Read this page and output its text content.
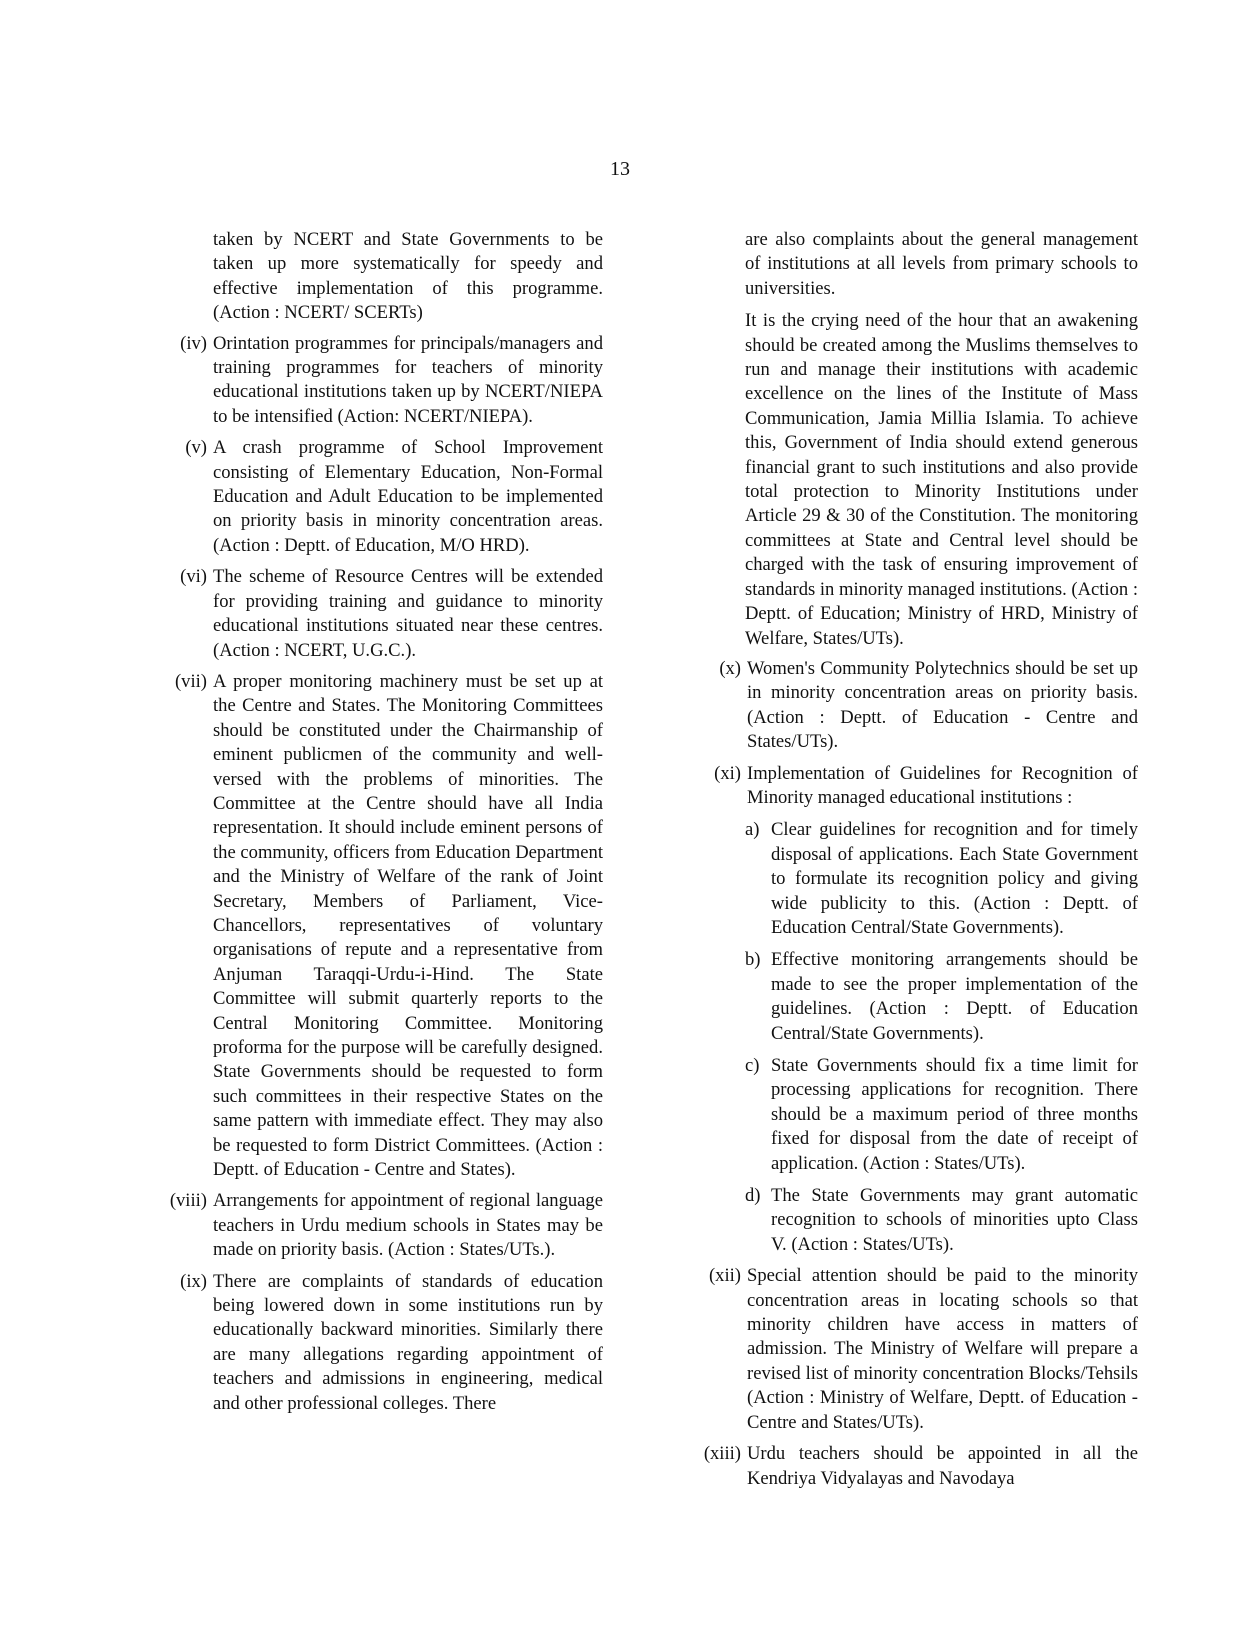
13

taken by NCERT and State Governments to be taken up more systematically for speedy and effective implementation of this programme. (Action : NCERT/ SCERTs)

(iv) Orintation programmes for principals/managers and training programmes for teachers of minority educational institutions taken up by NCERT/NIEPA to be intensified (Action: NCERT/NIEPA).
(v) A crash programme of School Improvement consisting of Elementary Education, Non-Formal Education and Adult Education to be implemented on priority basis in minority concentration areas. (Action : Deptt. of Education, M/O HRD).
(vi) The scheme of Resource Centres will be extended for providing training and guidance to minority educational institutions situated near these centres. (Action : NCERT, U.G.C.).
(vii) A proper monitoring machinery must be set up at the Centre and States. The Monitoring Committees should be constituted under the Chairmanship of eminent publicmen of the community and well-versed with the problems of minorities. The Committee at the Centre should have all India representation. It should include eminent persons of the community, officers from Education Department and the Ministry of Welfare of the rank of Joint Secretary, Members of Parliament, Vice-Chancellors, representatives of voluntary organisations of repute and a representative from Anjuman Taraqqi-Urdu-i-Hind. The State Committee will submit quarterly reports to the Central Monitoring Committee. Monitoring proforma for the purpose will be carefully designed. State Governments should be requested to form such committees in their respective States on the same pattern with immediate effect. They may also be requested to form District Committees. (Action : Deptt. of Education - Centre and States).
(viii) Arrangements for appointment of regional language teachers in Urdu medium schools in States may be made on priority basis. (Action : States/UTs.).
(ix) There are complaints of standards of education being lowered down in some institutions run by educationally backward minorities. Similarly there are many allegations regarding appointment of teachers and admissions in engineering, medical and other professional colleges. There

are also complaints about the general management of institutions at all levels from primary schools to universities.

It is the crying need of the hour that an awakening should be created among the Muslims themselves to run and manage their institutions with academic excellence on the lines of the Institute of Mass Communication, Jamia Millia Islamia. To achieve this, Government of India should extend generous financial grant to such institutions and also provide total protection to Minority Institutions under Article 29 & 30 of the Constitution. The monitoring committees at State and Central level should be charged with the task of ensuring improvement of standards in minority managed institutions. (Action : Deptt. of Education; Ministry of HRD, Ministry of Welfare, States/UTs).

(x) Women's Community Polytechnics should be set up in minority concentration areas on priority basis. (Action : Deptt. of Education - Centre and States/UTs).
(xi) Implementation of Guidelines for Recognition of Minority managed educational institutions :
a) Clear guidelines for recognition and for timely disposal of applications. Each State Government to formulate its recognition policy and giving wide publicity to this. (Action : Deptt. of Education Central/State Governments).
b) Effective monitoring arrangements should be made to see the proper implementation of the guidelines. (Action : Deptt. of Education Central/State Governments).
c) State Governments should fix a time limit for processing applications for recognition. There should be a maximum period of three months fixed for disposal from the date of receipt of application. (Action : States/UTs).
d) The State Governments may grant automatic recognition to schools of minorities upto Class V. (Action : States/UTs).
(xii) Special attention should be paid to the minority concentration areas in locating schools so that minority children have access in matters of admission. The Ministry of Welfare will prepare a revised list of minority concentration Blocks/Tehsils (Action : Ministry of Welfare, Deptt. of Education - Centre and States/UTs).
(xiii) Urdu teachers should be appointed in all the Kendriya Vidyalayas and Navodaya
